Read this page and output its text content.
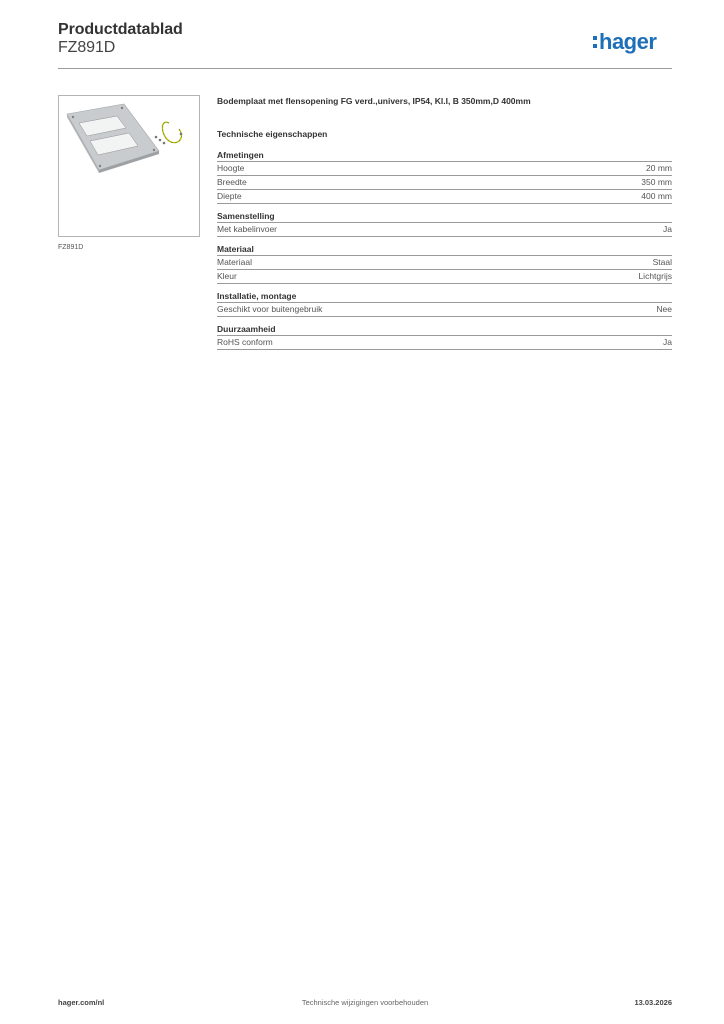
Productdatablad
FZ891D	hager
FZ891D
Bodemplaat met flensopening FG verd.,univers, IP54, Kl.I, B 350mm,D 400mm
Technische eigenschappen
Afmetingen
Hoogte	20 mm
Breedte	350 mm
Diepte	400 mm
Samenstelling
Met kabelinvoer	Ja
Materiaal
Materiaal	Staal
Kleur	Lichtgrijs
Installatie, montage
Geschikt voor buitengebruik	Nee
Duurzaamheid
RoHS conform	Ja
Technische wijzigingen voorbehouden
hager.com/nl	13.03.2026
